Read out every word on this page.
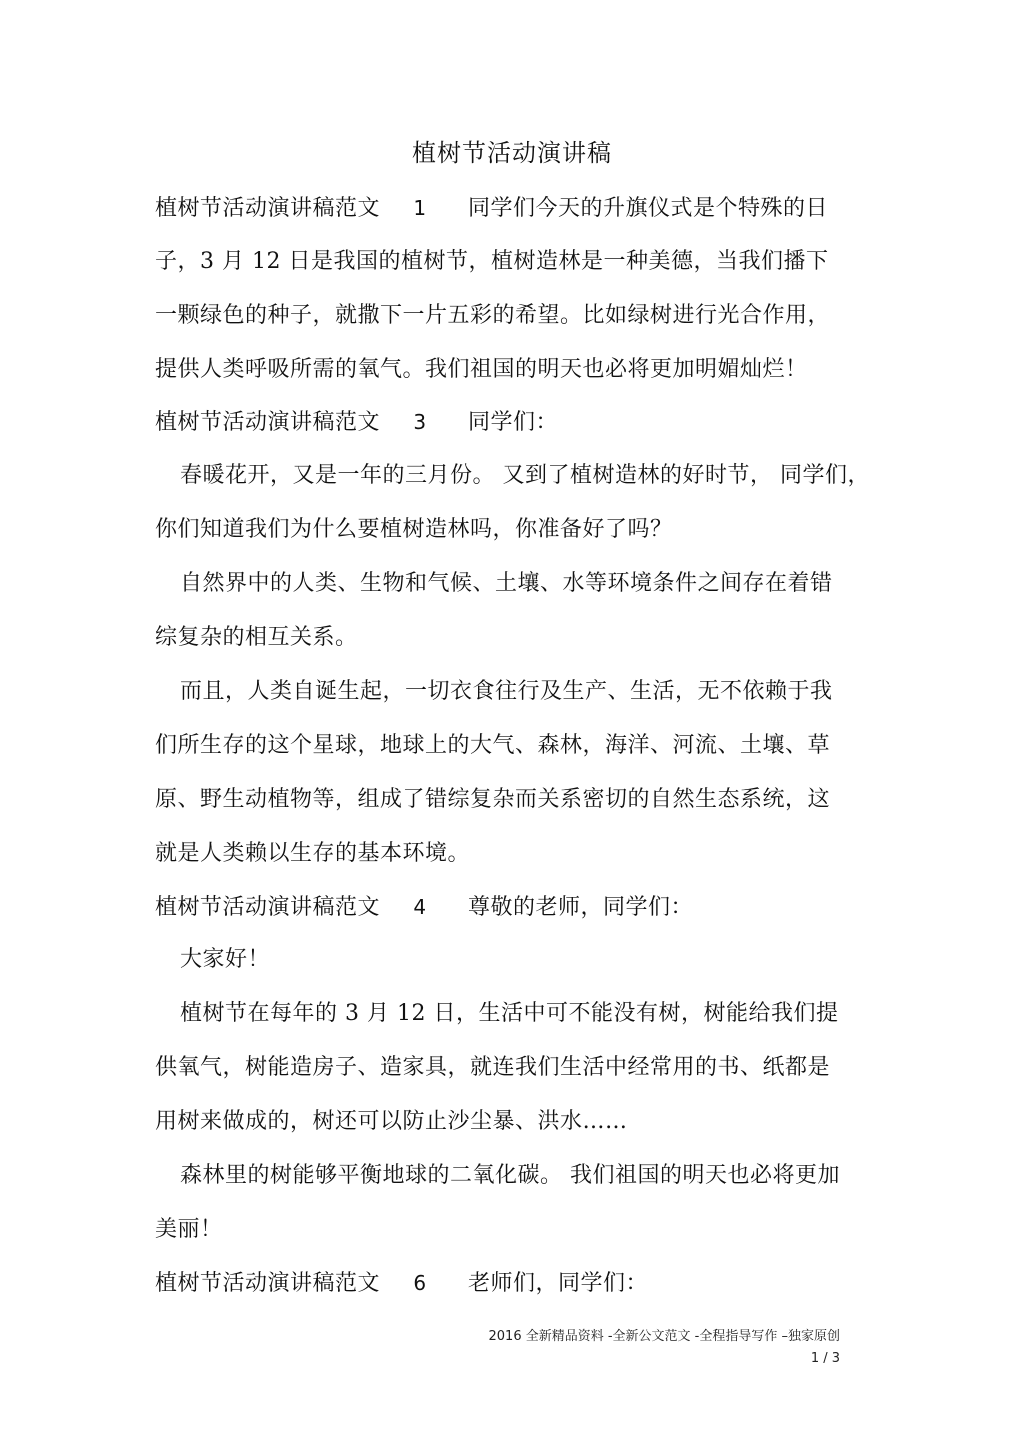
植树节活动演讲稿
植树节活动演讲稿范文 1 同学们今天的升旗仪式是个特殊的日
子，3 月 12 日是我国的植树节，植树造林是一种美德，当我们播下
一颗绿色的种子，就撒下一片五彩的希望。比如绿树进行光合作用，
提供人类呼吸所需的氧气。我们祖国的明天也必将更加明媚灿烂！
植树节活动演讲稿范文 3 同学们：
春暖花开，又是一年的三月份。 又到了植树造林的好时节， 同学们，
你们知道我们为什么要植树造林吗，你准备好了吗？
自然界中的人类、生物和气候、土壤、水等环境条件之间存在着错
综复杂的相互关系。
而且，人类自诞生起，一切衣食往行及生产、生活，无不依赖于我
们所生存的这个星球，地球上的大气、森林，海洋、河流、土壤、草
原、野生动植物等，组成了错综复杂而关系密切的自然生态系统，这
就是人类赖以生存的基本环境。
植树节活动演讲稿范文 4 尊敬的老师，同学们：
大家好！
植树节在每年的 3 月 12 日，生活中可不能没有树，树能给我们提
供氧气，树能造房子、造家具，就连我们生活中经常用的书、纸都是
用树来做成的，树还可以防止沙尘暴、洪水……
森林里的树能够平衡地球的二氧化碳。 我们祖国的明天也必将更加
美丽！
植树节活动演讲稿范文 6 老师们，同学们：
2016 全新精品资料 -全新公文范文 -全程指导写作 –独家原创
1 / 3
